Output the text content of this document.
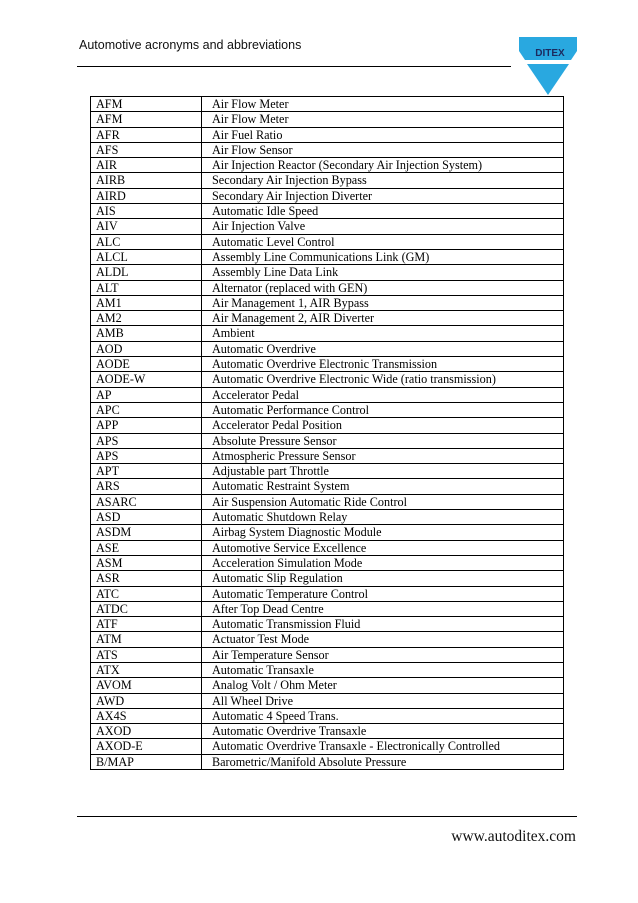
Automotive acronyms and abbreviations
DITEX
AFM	Air Flow Meter
AFM	Air Flow Meter
AFR	Air Fuel Ratio
AFS	Air Flow Sensor
AIR	Air Injection Reactor (Secondary Air Injection System)
AIRB	Secondary Air Injection Bypass
AIRD	Secondary Air Injection Diverter
AIS	Automatic Idle Speed
AIV	Air Injection Valve
ALC	Automatic Level Control
ALCL	Assembly Line Communications Link (GM)
ALDL	Assembly Line Data Link
ALT	Alternator (replaced with GEN)
AM1	Air Management 1, AIR Bypass
AM2	Air Management 2, AIR Diverter
AMB	Ambient
AOD	Automatic Overdrive
AODE	Automatic Overdrive Electronic Transmission
AODE-W	Automatic Overdrive Electronic Wide (ratio transmission)
AP	Accelerator Pedal
APC	Automatic Performance Control
APP	Accelerator Pedal Position
APS	Absolute Pressure Sensor
APS	Atmospheric Pressure Sensor
APT	Adjustable part Throttle
ARS	Automatic Restraint System
ASARC	Air Suspension Automatic Ride Control
ASD	Automatic Shutdown Relay
ASDM	Airbag System Diagnostic Module
ASE	Automotive Service Excellence
ASM	Acceleration Simulation Mode
ASR	Automatic Slip Regulation
ATC	Automatic Temperature Control
ATDC	After Top Dead Centre
ATF	Automatic Transmission Fluid
ATM	Actuator Test Mode
ATS	Air Temperature Sensor
ATX	Automatic Transaxle
AVOM	Analog Volt / Ohm Meter
AWD	All Wheel Drive
AX4S	Automatic 4 Speed Trans.
AXOD	Automatic Overdrive Transaxle
AXOD-E	Automatic Overdrive Transaxle - Electronically Controlled
B/MAP	Barometric/Manifold Absolute Pressure
www.autoditex.com
